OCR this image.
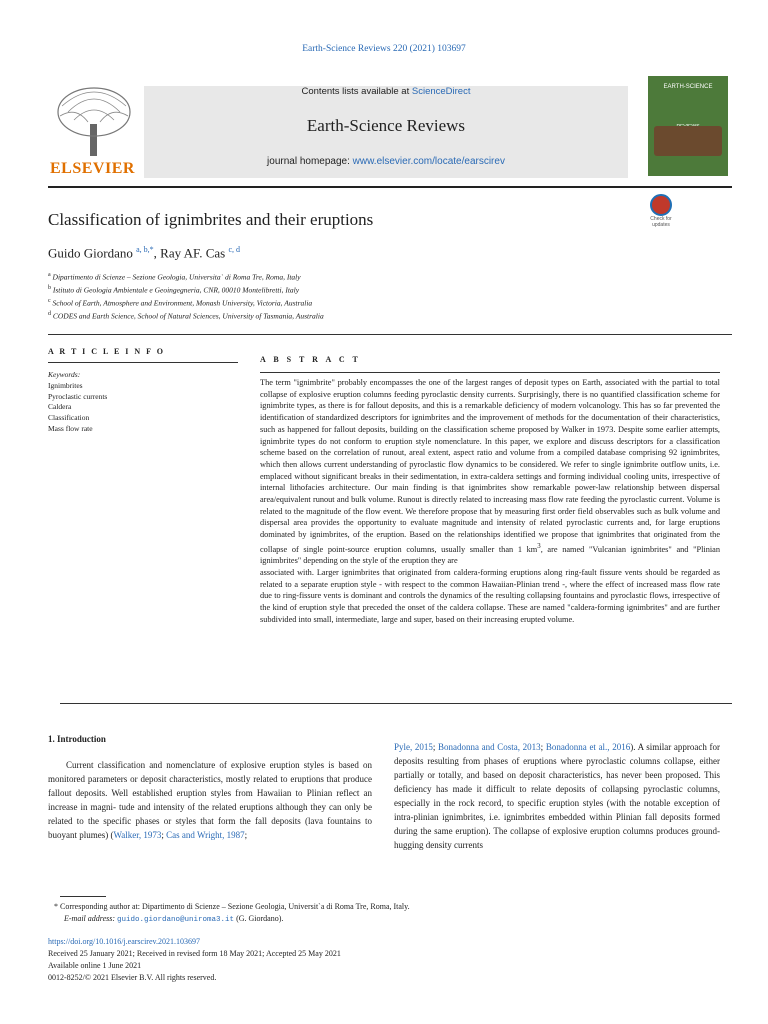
Earth-Science Reviews 220 (2021) 103697
ELSEVIER
Contents lists available at ScienceDirect
Earth-Science Reviews
journal homepage: www.elsevier.com/locate/earscirev
EARTH-SCIENCE
Classification of ignimbrites and their eruptions	Check for updates
Guido Giordano $^{a, b,*}$, Ray AF. Cas $^{c, d}$
$^a$ Dipartimento di Scienze – Sezione Geologia, Universita` di Roma Tre, Roma, Italy
$^b$ Istituto di Geologia Ambientale e Geoingegneria, CNR, 00010 Montelibretti, Italy
$^c$ School of Earth, Atmosphere and Environment, Monash University, Victoria, Australia
$^d$ CODES and Earth Science, School of Natural Sciences, University of Tasmania, Australia
A R T I C L E I N F O
Keywords:
Ignimbrites
Pyroclastic currents
Caldera
Classification
Mass flow rate
A B S T R A C T
The term "ignimbrite" probably encompasses the one of the largest ranges of deposit types on Earth, associated with the partial to total collapse of explosive eruption columns feeding pyroclastic density currents. Surprisingly, there is no quantified classification scheme for ignimbrite types, as there is for fallout deposits, and this is a remarkable deficiency of modern volcanology. This has so far prevented the identification of standardized descriptors for ignimbrites and the improvement of methods for the documentation of their characteristics, such as happened for fallout deposits, building on the classification scheme proposed by Walker in 1973. Despite some earlier attempts, ignimbrite types do not conform to eruption style nomenclature. In this paper, we explore and discuss descriptors for a classification scheme based on the correlation of runout, areal extent, aspect ratio and volume from a compiled database comprising 92 ignimbrites, which then allows current understanding of pyroclastic flow dynamics to be considered. We refer to single ignimbrite outflow units, i.e. emplaced without significant breaks in their sedimentation, in extra-caldera settings and forming individual cooling units, irrespective of internal lithofacies architecture. Our main finding is that ignimbrites show remarkable power-law relationship between dispersal area/equivalent runout and bulk volume. Runout is directly related to increasing mass flow rate feeding the pyroclastic current. Volume is related to the magnitude of the flow event. We therefore propose that by measuring first order field observables such as bulk volume and dispersal area provides the opportunity to evaluate magnitude and intensity of related pyroclastic currents and, for large eruptions dominated by ignimbrites, of the eruption. Based on the relationships identified we propose that ignimbrites that originated from the collapse of single point-source eruption columns, usually smaller than 1 $km^3$, are named "Vulcanian ignimbrites" and "Plinian ignimbrites" depending on the style of the eruption they are
associated with. Larger ignimbrites that originated from caldera-forming eruptions along ring-fault fissure vents should be regarded as related to a separate eruption style - with respect to the common Hawaiian-Plinian trend -, where the effect of increased mass flow rate due to ring-fissure vents is dominant and controls the dynamics of the resulting collapsing fountains and pyroclastic flows, irrespective of the kind of eruption style that preceded the onset of the caldera collapse. These are named "caldera-forming ignimbrites" and are further subdivided into small, intermediate, large and super, based on their increasing erupted volume.
1. Introduction
Current classification and nomenclature of explosive eruption styles is based on monitored parameters or deposit characteristics, mostly related to eruptions that produce fallout deposits. Well established eruption styles from Hawaiian to Plinian reflect an increase in magni- tude and intensity of the related eruptions although they can only be related to the specific phases or styles that form the fall deposits (lava fountains to buoyant plumes) (Walker, 1973; Cas and Wright, 1987;
Pyle, 2015; Bonadonna and Costa, 2013; Bonadonna et al., 2016). A similar approach for deposits resulting from phases of eruptions where pyroclastic columns collapse, either partially or totally, and based on deposit characteristics, has never been proposed. This deficiency has made it difficult to relate deposits of collapsing pyroclastic columns, especially in the rock record, to specific eruption styles (with the notable exception of intra-plinian ignimbrites, i.e. ignimbrites embedded within Plinian fall deposits formed during the same eruption). The collapse of explosive eruption columns produces ground-hugging density currents
* Corresponding author at: Dipartimento di Scienze – Sezione Geologia, Universit`a di Roma Tre, Roma, Italy.
E-mail address: guido.giordano@uniroma3.it (G. Giordano).
https://doi.org/10.1016/j.earscirev.2021.103697
Received 25 January 2021; Received in revised form 18 May 2021; Accepted 25 May 2021
Available online 1 June 2021
0012-8252/© 2021 Elsevier B.V. All rights reserved.
